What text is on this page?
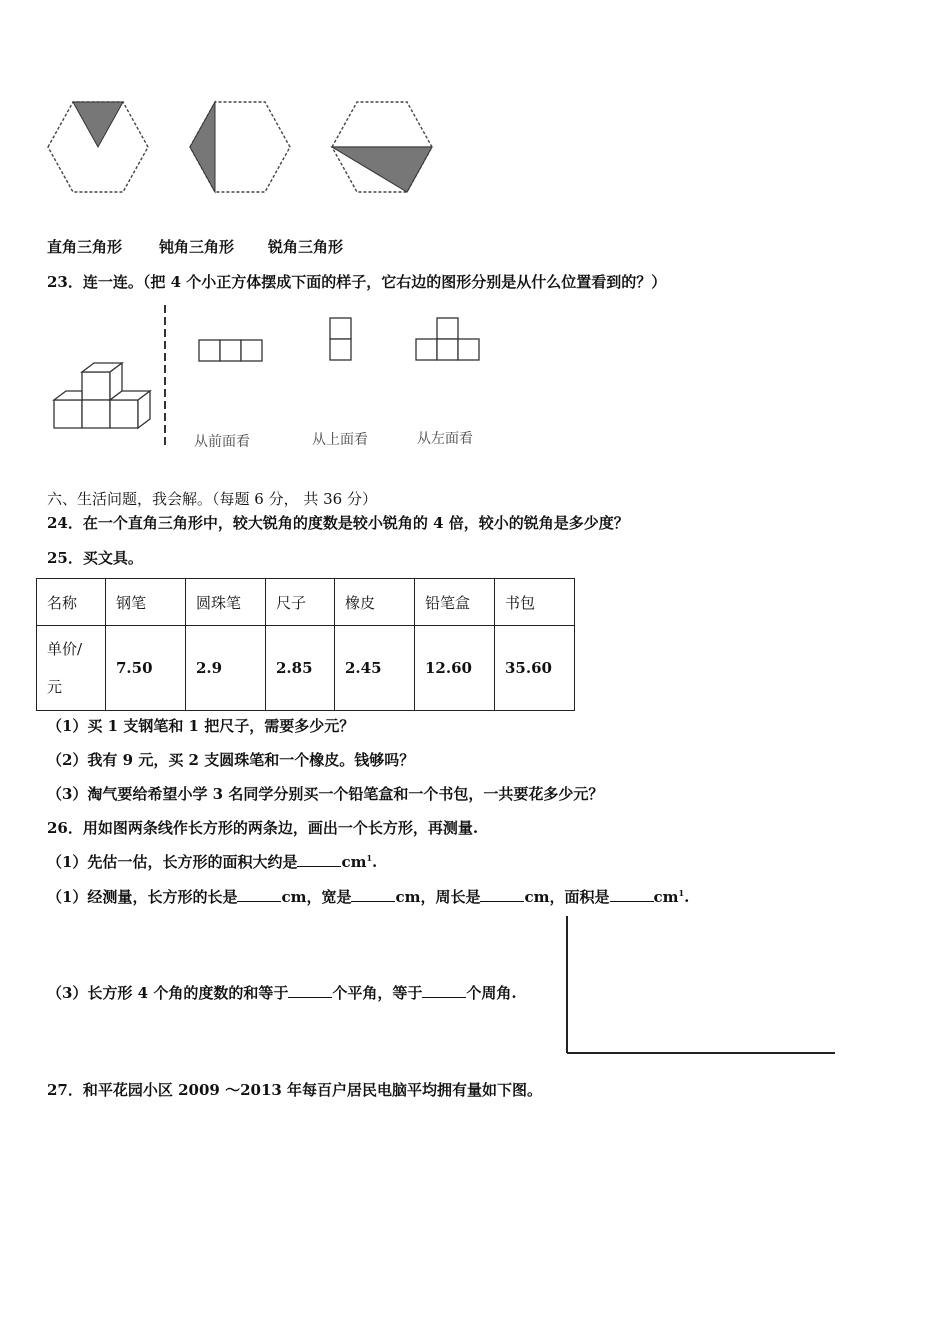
直角三角形 钝角三角形 锐角三角形
23．连一连。（把 4 个小正方体摆成下面的样子，它右边的图形分别是从什么位置看到的？）
从前面看	从上面看	从左面看
六、生活问题，我会解。（每题 6 分， 共 36 分）
24．在一个直角三角形中，较大锐角的度数是较小锐角的 4 倍，较小的锐角是多少度？
25．买文具。
名称	钢笔	圆珠笔	尺子	橡皮	铅笔盒	书包
单价/
元	7.50	2.9	2.85	2.45	12.60	35.60
（1）买 1 支钢笔和 1 把尺子，需要多少元？
（2）我有 9 元，买 2 支圆珠笔和一个橡皮。钱够吗？
（3）淘气要给希望小学 3 名同学分别买一个铅笔盒和一个书包，一共要花多少元？
26．用如图两条线作长方形的两条边，画出一个长方形，再测量.
（1）先估一估，长方形的面积大约是	$cm^1$.
（1）经测量，长方形的长是	cm，宽是	cm，周长是	cm，面积是	$cm^1$.
（3）长方形 4 个角的度数的和等于	个平角，等于	个周角.
27．和平花园小区 2009 ～2013 年每百户居民电脑平均拥有量如下图。
